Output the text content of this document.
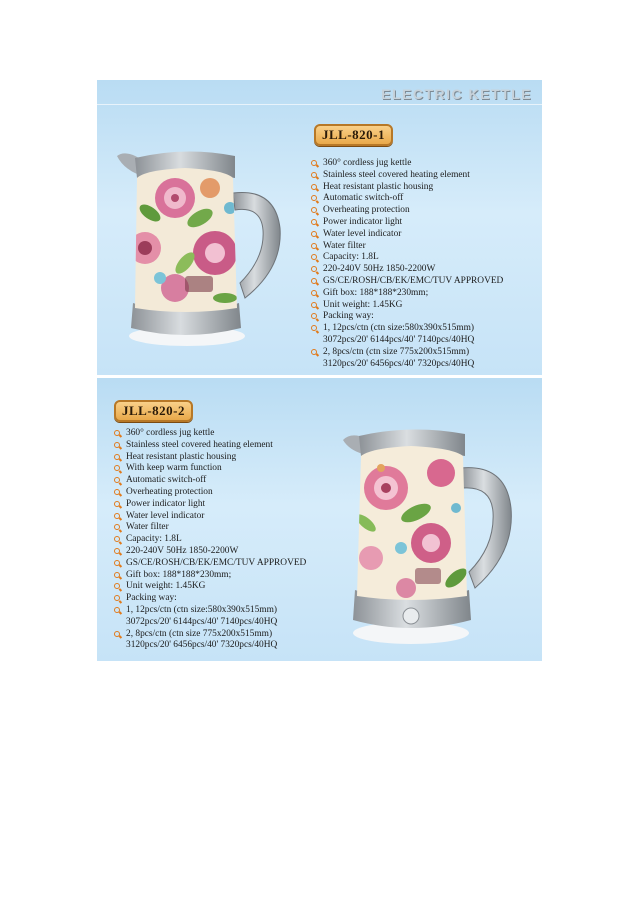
ELECTRIC KETTLE
JLL-820-1
360° cordless jug kettle
Stainless steel covered heating element
Heat resistant plastic housing
Automatic switch-off
Overheating protection
Power indicator light
Water level indicator
Water filter
Capacity: 1.8L
220-240V 50Hz 1850-2200W
GS/CE/ROSH/CB/EK/EMC/TUV APPROVED
Gift box: 188*188*230mm;
Unit weight: 1.45KG
Packing way:
1, 12pcs/ctn (ctn size:580x390x515mm)
3072pcs/20' 6144pcs/40' 7140pcs/40HQ
2, 8pcs/ctn (ctn size 775x200x515mm)
3120pcs/20' 6456pcs/40' 7320pcs/40HQ
JLL-820-2
360° cordless jug kettle
Stainless steel covered heating element
Heat resistant plastic housing
With keep warm function
Automatic switch-off
Overheating protection
Power indicator light
Water level indicator
Water filter
Capacity: 1.8L
220-240V 50Hz 1850-2200W
GS/CE/ROSH/CB/EK/EMC/TUV APPROVED
Gift box: 188*188*230mm;
Unit weight: 1.45KG
Packing way:
1, 12pcs/ctn (ctn size:580x390x515mm)
3072pcs/20' 6144pcs/40' 7140pcs/40HQ
2, 8pcs/ctn (ctn size 775x200x515mm)
3120pcs/20' 6456pcs/40' 7320pcs/40HQ
